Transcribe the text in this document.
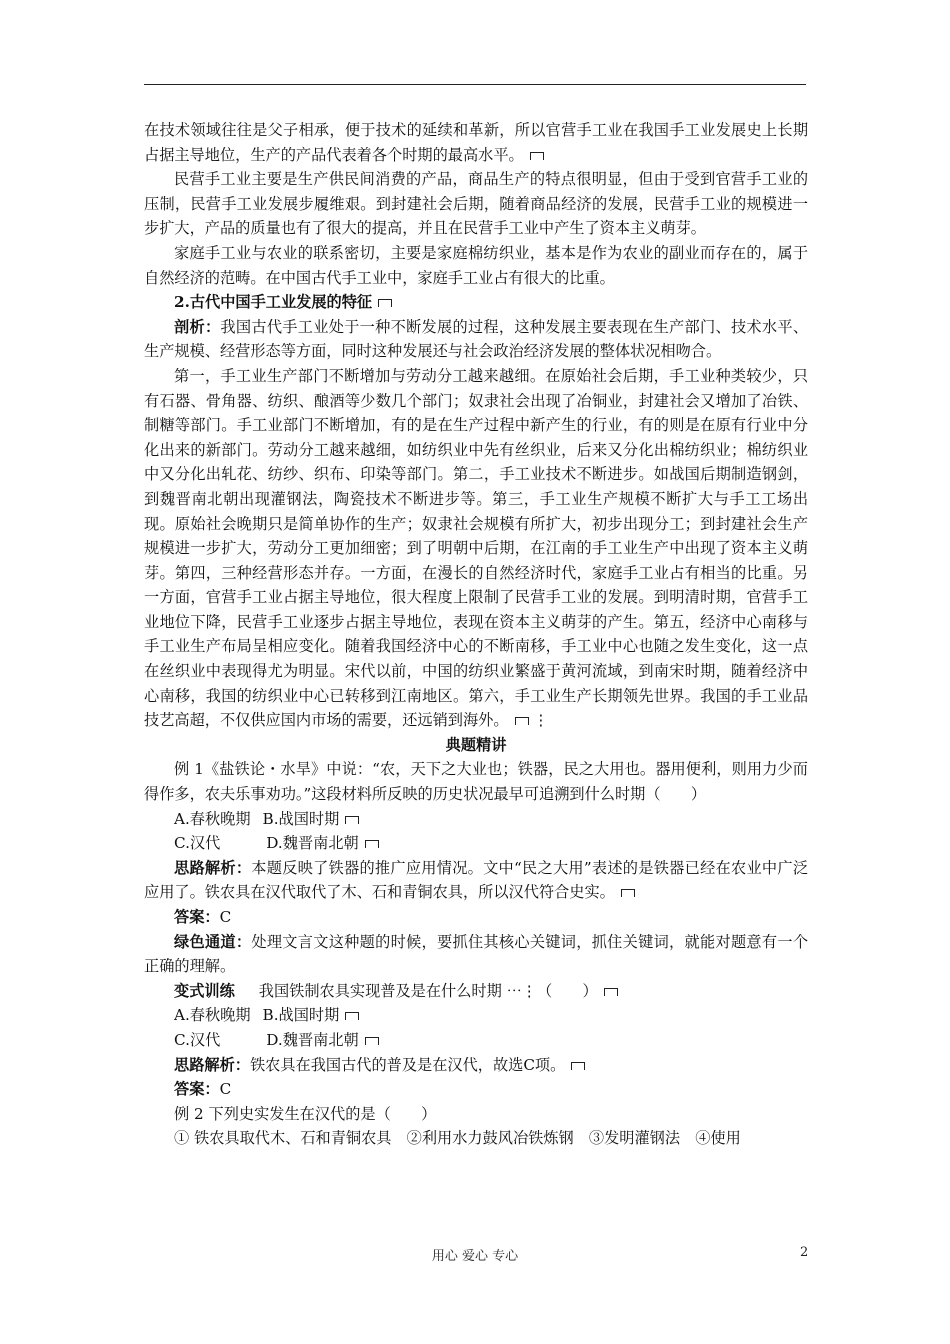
在技术领域往往是父子相承，便于技术的延续和革新，所以官营手工业在我国手工业发展史上长期占据主导地位，生产的产品代表着各个时期的最高水平。

民营手工业主要是生产供民间消费的产品，商品生产的特点很明显，但由于受到官营手工业的压制，民营手工业发展步履维艰。到封建社会后期，随着商品经济的发展，民营手工业的规模进一步扩大，产品的质量也有了很大的提高，并且在民营手工业中产生了资本主义萌芽。

家庭手工业与农业的联系密切，主要是家庭棉纺织业，基本是作为农业的副业而存在的，属于自然经济的范畴。在中国古代手工业中，家庭手工业占有很大的比重。

2.古代中国手工业发展的特征

剖析：我国古代手工业处于一种不断发展的过程，这种发展主要表现在生产部门、技术水平、生产规模、经营形态等方面，同时这种发展还与社会政治经济发展的整体状况相吻合。

第一，手工业生产部门不断增加与劳动分工越来越细。在原始社会后期，手工业种类较少，只有石器、骨角器、纺织、酿酒等少数几个部门；奴隶社会出现了冶铜业，封建社会又增加了冶铁、制糖等部门。手工业部门不断增加，有的是在生产过程中新产生的行业，有的则是在原有行业中分化出来的新部门。劳动分工越来越细，如纺织业中先有丝织业，后来又分化出棉纺织业；棉纺织业中又分化出轧花、纺纱、织布、印染等部门。第二，手工业技术不断进步。如战国后期制造钢剑，到魏晋南北朝出现灌钢法，陶瓷技术不断进步等。第三，手工业生产规模不断扩大与手工工场出现。原始社会晚期只是简单协作的生产；奴隶社会规模有所扩大，初步出现分工；到封建社会生产规模进一步扩大，劳动分工更加细密；到了明朝中后期，在江南的手工业生产中出现了资本主义萌芽。第四，三种经营形态并存。一方面，在漫长的自然经济时代，家庭手工业占有相当的比重。另一方面，官营手工业占据主导地位，很大程度上限制了民营手工业的发展。到明清时期，官营手工业地位下降，民营手工业逐步占据主导地位，表现在资本主义萌芽的产生。第五，经济中心南移与手工业生产布局呈相应变化。随着我国经济中心的不断南移，手工业中心也随之发生变化，这一点在丝织业中表现得尤为明显。宋代以前，中国的纺织业繁盛于黄河流域，到南宋时期，随着经济中心南移，我国的纺织业中心已转移到江南地区。第六，手工业生产长期领先世界。我国的手工业品技艺高超，不仅供应国内市场的需要，还远销到海外。 ⋮

典题精讲

例 1《盐铁论・水旱》中说：“农，天下之大业也；铁器，民之大用也。器用便利，则用力少而得作多，农夫乐事劝功。”这段材料所反映的历史状况最早可追溯到什么时期（　　）

A.春秋晚期 B.战国时期

C.汉代	D.魏晋南北朝

思路解析：本题反映了铁器的推广应用情况。文中“民之大用”表述的是铁器已经在农业中广泛应用了。铁农具在汉代取代了木、石和青铜农具，所以汉代符合史实。

答案：C

绿色通道：处理文言文这种题的时候，要抓住其核心关键词，抓住关键词，就能对题意有一个正确的理解。

变式训练 我国铁制农具实现普及是在什么时期 ⋯⋮（　　）

A.春秋晚期 B.战国时期

C.汉代	D.魏晋南北朝

思路解析：铁农具在我国古代的普及是在汉代，故选C项。

答案：C

例 2 下列史实发生在汉代的是（　　）

① 铁农具取代木、石和青铜农具　②利用水力鼓风冶铁炼钢　③发明灌钢法　④使用

用心 爱心 专心	2
